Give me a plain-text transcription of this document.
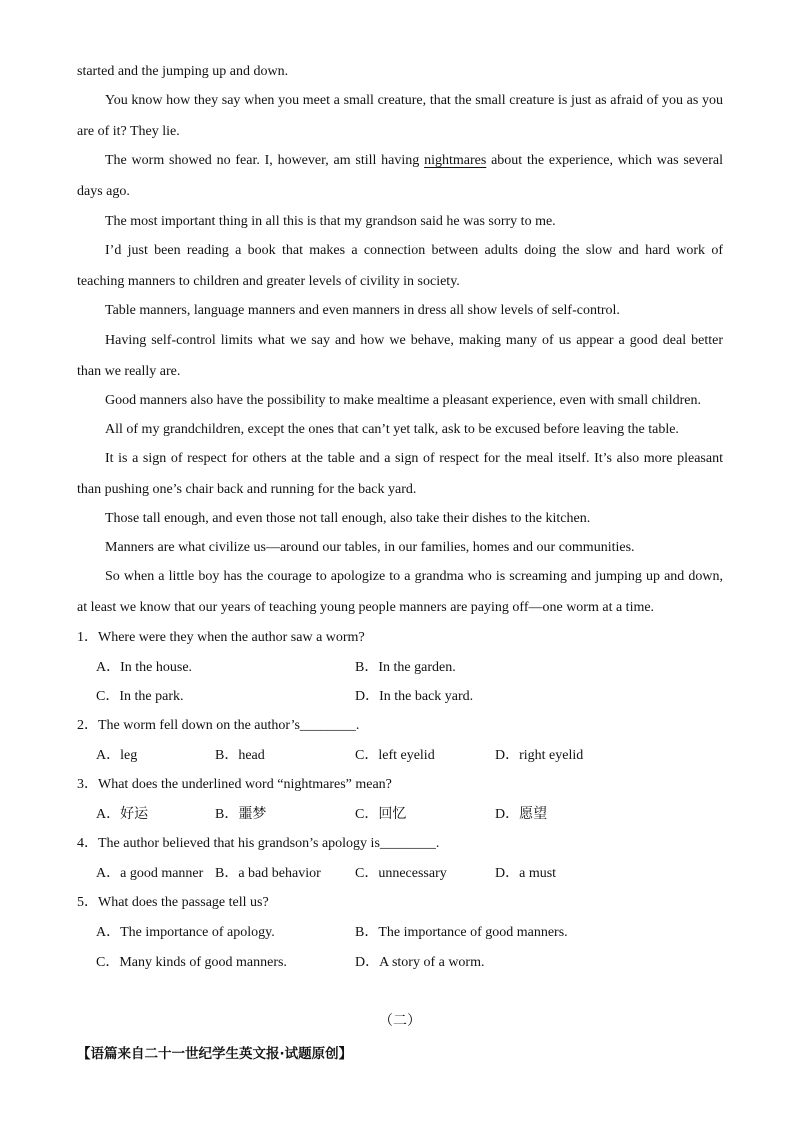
started and the jumping up and down.

You know how they say when you meet a small creature, that the small creature is just as afraid of you as you are of it? They lie.

The worm showed no fear. I, however, am still having nightmares about the experience, which was several days ago.

The most important thing in all this is that my grandson said he was sorry to me.

I’d just been reading a book that makes a connection between adults doing the slow and hard work of teaching manners to children and greater levels of civility in society.

Table manners, language manners and even manners in dress all show levels of self-control.

Having self-control limits what we say and how we behave, making many of us appear a good deal better than we really are.

Good manners also have the possibility to make mealtime a pleasant experience, even with small children.

All of my grandchildren, except the ones that can’t yet talk, ask to be excused before leaving the table.

It is a sign of respect for others at the table and a sign of respect for the meal itself. It’s also more pleasant than pushing one’s chair back and running for the back yard.

Those tall enough, and even those not tall enough, also take their dishes to the kitchen.

Manners are what civilize us—around our tables, in our families, homes and our communities.

So when a little boy has the courage to apologize to a grandma who is screaming and jumping up and down, at least we know that our years of teaching young people manners are paying off—one worm at a time.

1．Where were they when the author saw a worm?

A．In the house.	B．In the garden.

C．In the park.	D．In the back yard.

2．The worm fell down on the author’s________.

A．leg	B．head	C．left eyelid	D．right eyelid

3．What does the underlined word “nightmares” mean?

A．好运	B．噩梦	C．回忆	D．愿望

4．The author believed that his grandson’s apology is________.

A．a good manner B．a bad behavior C．unnecessary	D．a must

5．What does the passage tell us?

A．The importance of apology.	B．The importance of good manners.

C．Many kinds of good manners.	D．A story of a worm.

（二）
【语篇来自二十一世纪学生英文报·试题原创】
